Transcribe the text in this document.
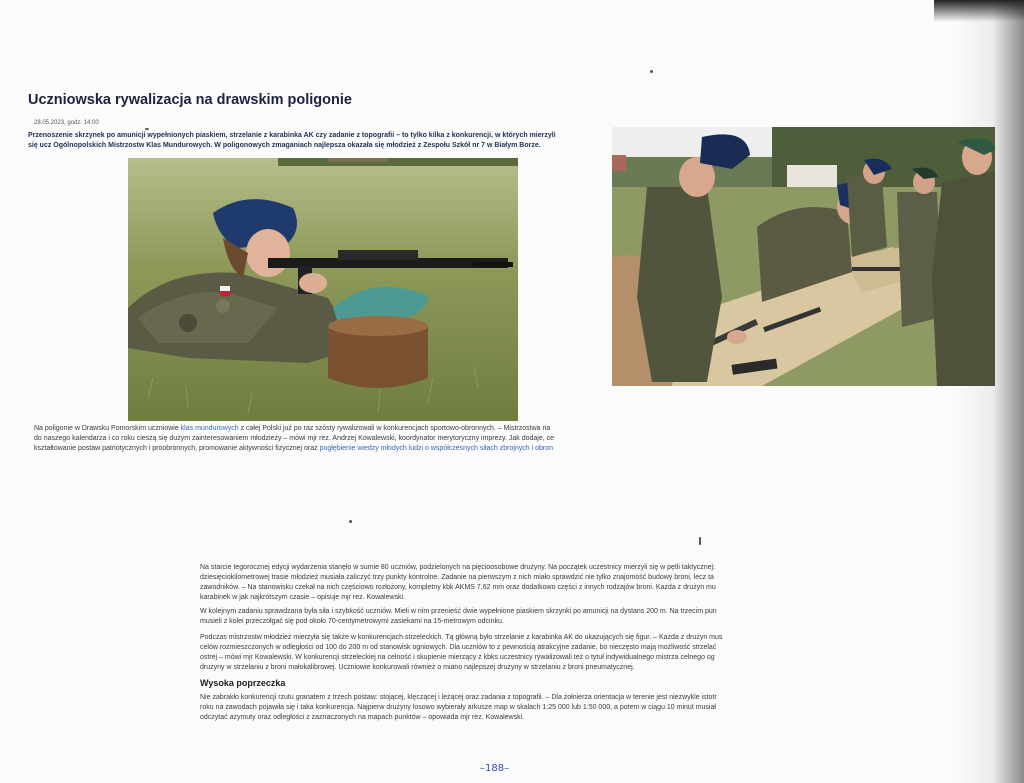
Uczniowska rywalizacja na drawskim poligonie
28.05.2023, godz. 14:00
Przenoszenie skrzynek po amunicji wypełnionych piaskiem, strzelanie z karabinka AK czy zadanie z topografii – to tylko kilka z konkurencji, w których mierzyli się ucz Ogólnopolskich Mistrzostw Klas Mundurowych. W poligonowych zmaganiach najlepsza okazała się młodzież z Zespołu Szkół nr 7 w Białym Borze.

Na poligonie w Drawsku Pomorskim uczniowie klas mundurowych z całej Polski już po raz szósty rywalizowali w konkurencjach sportowo-obronnych. – Mistrzostwa na do naszego kalendarza i co roku cieszą się dużym zainteresowaniem młodzieży – mówi mjr rez. Andrzej Kowalewski, koordynator merytoryczny imprezy. Jak dodaje, ce kształtowanie postaw patriotycznych i proobronnych, promowanie aktywności fizycznej oraz pogłębienie wiedzy młodych ludzi o współczesnych siłach zbrojnych i obron

Na starcie tegorocznej edycji wydarzenia stanęło w sumie 80 uczniów, podzielonych na pięcioosobowe drużyny. Na początek uczestnicy mierzyli się w pętli taktycznej: dziesięciokilometrowej trasie młodzież musiała zaliczyć trzy punkty kontrolne. Zadanie na pierwszym z nich miało sprawdzić nie tylko znajomość budowy broni, lecz ta zawodników. – Na stanowisku czekał na nich częściowo rozłożony, kompletny kbk AKMS 7,62 mm oraz dodatkowo części z innych rodzajów broni. Każda z drużyn mu karabinek w jak najkrótszym czasie – opisuje mjr rez. Kowalewski.

W kolejnym zadaniu sprawdzana była siła i szybkość uczniów. Mieli w nim przenieść dwie wypełnione piaskiem skrzynki po amunicji na dystans 200 m. Na trzecim pun musieli z kolei przeczołgać się pod około 70-centymetrowymi zasiekami na 15-metrowym odcinku.

Podczas mistrzostw młodzież mierzyła się także w konkurencjach strzeleckich. Tą główną było strzelanie z karabinka AK do ukazujących się figur. – Każda z drużyn mus celów rozmieszczonych w odległości od 100 do 200 m od stanowisk ogniowych. Dla uczniów to z pewnością atrakcyjne zadanie, bo nieczęsto mają możliwość strzelać ostrej – mówi mjr Kowalewski. W konkurencji strzeleckiej na celność i skupienie mierzący z kbks uczestnicy rywalizowali też o tytuł indywidualnego mistrza celnego og drużyny w strzelaniu z broni małokalibrowej. Uczniowie konkurowali również o miano najlepszej drużyny w strzelaniu z broni pneumatycznej.

Wysoka poprzeczka

Nie zabrakło konkurencji rzutu granatem z trzech postaw: stojącej, klęczącej i leżącej oraz zadania z topografii. – Dla żołnierza orientacja w terenie jest niezwykle istotr roku na zawodach pojawiła się i taka konkurencja. Najpierw drużyny losowo wybierały arkusze map w skalach 1:25 000 lub 1:50 000, a potem w ciągu 10 minut musiał odczytać azymuty oraz odległości z zaznaczonych na mapach punktów – opowiada mjr rez. Kowalewski.

–188–
